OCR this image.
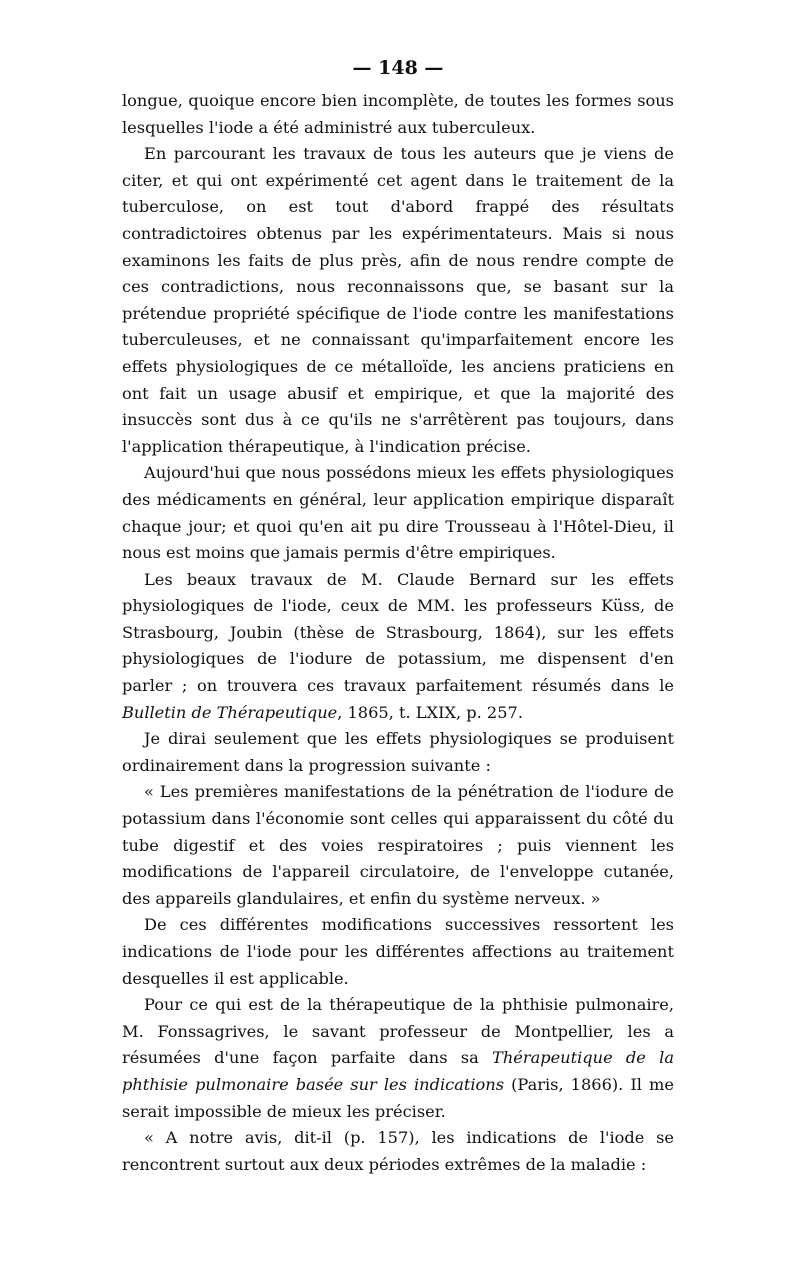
— 148 —

longue, quoique encore bien incomplète, de toutes les formes sous lesquelles l'iode a été administré aux tuberculeux.

En parcourant les travaux de tous les auteurs que je viens de citer, et qui ont expérimenté cet agent dans le traitement de la tuberculose, on est tout d'abord frappé des résultats contradictoires obtenus par les expérimentateurs. Mais si nous examinons les faits de plus près, afin de nous rendre compte de ces contradictions, nous reconnaissons que, se basant sur la prétendue propriété spécifique de l'iode contre les manifestations tuberculeuses, et ne connaissant qu'imparfaitement encore les effets physiologiques de ce métalloïde, les anciens praticiens en ont fait un usage abusif et empirique, et que la majorité des insuccès sont dus à ce qu'ils ne s'arrêtèrent pas toujours, dans l'application thérapeutique, à l'indication précise.

Aujourd'hui que nous possédons mieux les effets physiologiques des médicaments en général, leur application empirique disparaît chaque jour; et quoi qu'en ait pu dire Trousseau à l'Hôtel-Dieu, il nous est moins que jamais permis d'être empiriques.

Les beaux travaux de M. Claude Bernard sur les effets physiologiques de l'iode, ceux de MM. les professeurs Küss, de Strasbourg, Joubin (thèse de Strasbourg, 1864), sur les effets physiologiques de l'iodure de potassium, me dispensent d'en parler ; on trouvera ces travaux parfaitement résumés dans le Bulletin de Thérapeutique, 1865, t. LXIX, p. 257.

Je dirai seulement que les effets physiologiques se produisent ordinairement dans la progression suivante :

« Les premières manifestations de la pénétration de l'iodure de potassium dans l'économie sont celles qui apparaissent du côté du tube digestif et des voies respiratoires ; puis viennent les modifications de l'appareil circulatoire, de l'enveloppe cutanée, des appareils glandulaires, et enfin du système nerveux. »

De ces différentes modifications successives ressortent les indications de l'iode pour les différentes affections au traitement desquelles il est applicable.

Pour ce qui est de la thérapeutique de la phthisie pulmonaire, M. Fonssagrives, le savant professeur de Montpellier, les a résumées d'une façon parfaite dans sa Thérapeutique de la phthisie pulmonaire basée sur les indications (Paris, 1866). Il me serait impossible de mieux les préciser.

« A notre avis, dit-il (p. 157), les indications de l'iode se rencontrent surtout aux deux périodes extrêmes de la maladie :
